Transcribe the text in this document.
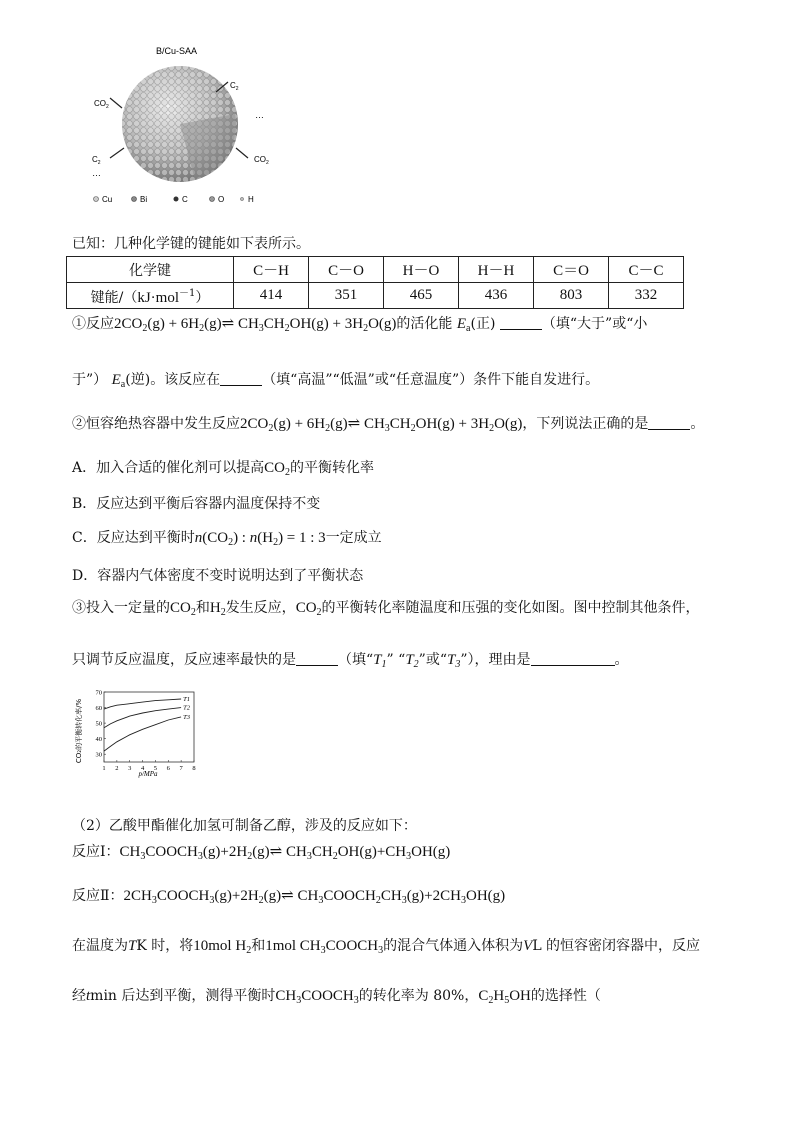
B/Cu-SAA
$CO_2$
$C_2$
…
$CO_2$
$C_2$
…
Cu	Bi	C	O	H
已知：几种化学键的键能如下表所示。
化学键	C－H	C－O	H－O	H－H	C＝O	C－C
键能/（kJ·mol$^{-1}$）	414	351	465	436	803	332
①反应$2CO_2(g)$ + $6H_2(g)\rightleftharpoons$ $CH_3CH_2OH(g) + 3H_2O(g)$的活化能 $E_a$(正)	（填“大于”或“小
于”） $E_a$(逆)。该反应在	（填“高温”“低温”或“任意温度”）条件下能自发进行。
②恒容绝热容器中发生反应$2CO_2(g)$ + $6H_2(g)\rightleftharpoons$ $CH_3CH_2OH(g) + 3H_2O(g)$，下列说法正确的是	。
A．加入合适的催化剂可以提高$CO_2$的平衡转化率
B．反应达到平衡后容器内温度保持不变
C．反应达到平衡时$n(CO_2)$ : $n(H_2) = 1$ : 3一定成立
D．容器内气体密度不变时说明达到了平衡状态
③投入一定量的$CO_2$和$H_2$发生反应，$CO_2$的平衡转化率随温度和压强的变化如图。图中控制其他条件，
只调节反应温度，反应速率最快的是	（填“$T_1$” “$T_2$”或“$T_3$”），理由是	。
CO₂的平衡转化率/%
p/MPa
1 2 3 4 5 6 7 8
30
40
50
60
70
T1
T2
T3
（2）乙酸甲酯催化加氢可制备乙醇，涉及的反应如下：
反应Ⅰ：$CH_3COOCH_3(g)+2H_2(g)\rightleftharpoons$ $CH_3CH_2OH(g)+CH_3OH(g)$
反应Ⅱ：$2CH_3COOCH_3(g)+2H_2(g)\rightleftharpoons$ $CH_3COOCH_2CH_3(g)+2CH_3OH(g)$
在温度为TK 时，将10mol $H_2$和1mol $CH_3COOCH_3$的混合气体通入体积为VL 的恒容密闭容器中，反应
经tmin 后达到平衡，测得平衡时$CH_3COOCH_3$的转化率为 80%，$C_2H_5OH$的选择性（
